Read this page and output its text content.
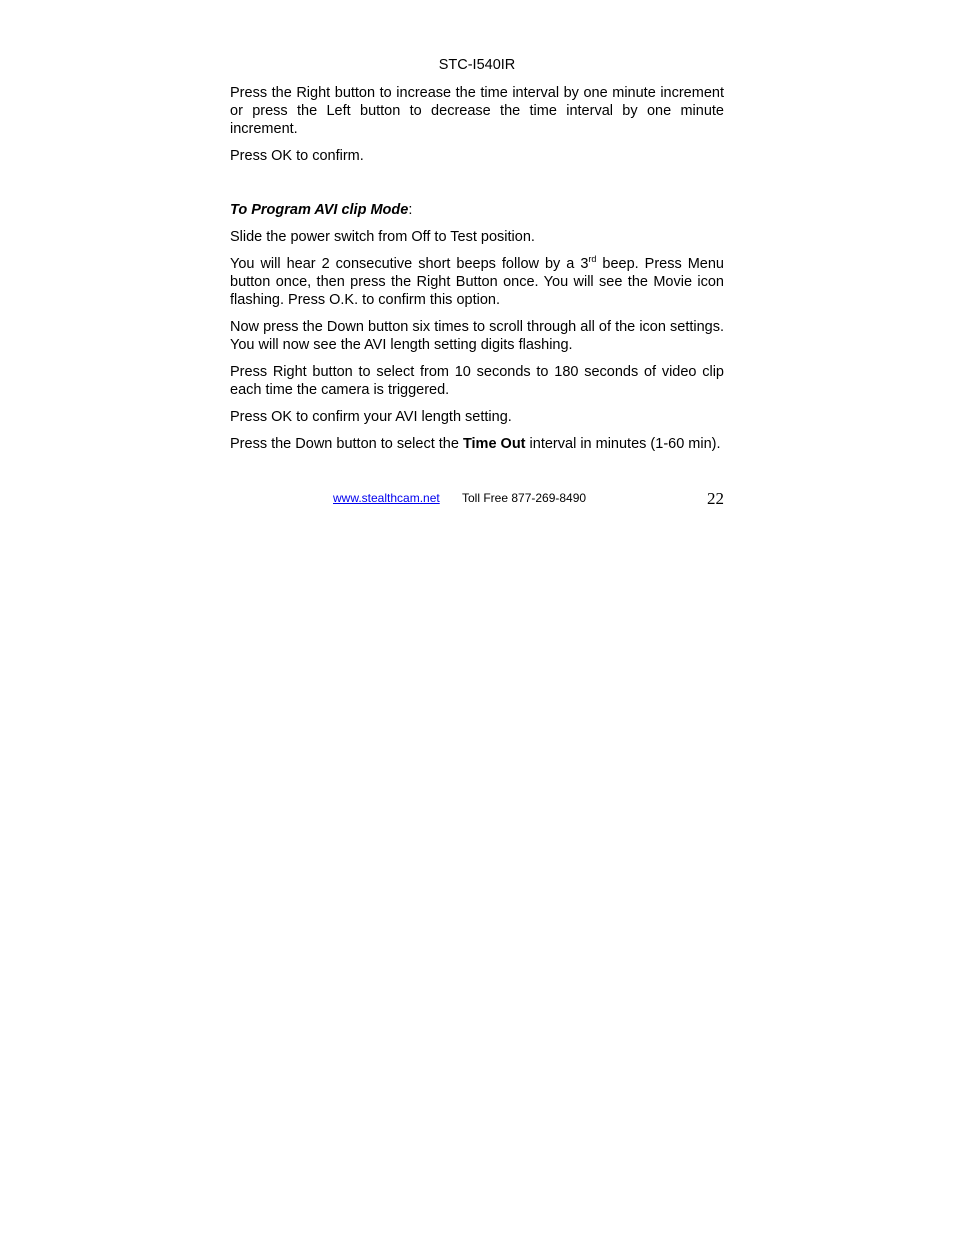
STC-I540IR

Press the Right button to increase the time interval by one minute increment or press the Left button to decrease the time interval by one minute increment.

Press OK to confirm.

To Program AVI clip Mode:

Slide the power switch from Off to Test position.

You will hear 2 consecutive short beeps follow by a 3rd beep. Press Menu button once, then press the Right Button once. You will see the Movie icon flashing. Press O.K. to confirm this option.

Now press the Down button six times to scroll through all of the icon settings. You will now see the AVI length setting digits flashing.

Press Right button to select from 10 seconds to 180 seconds of video clip each time the camera is triggered.

Press OK to confirm your AVI length setting.

Press the Down button to select the Time Out interval in minutes (1-60 min).

www.stealthcam.net Toll Free 877-269-8490	22
